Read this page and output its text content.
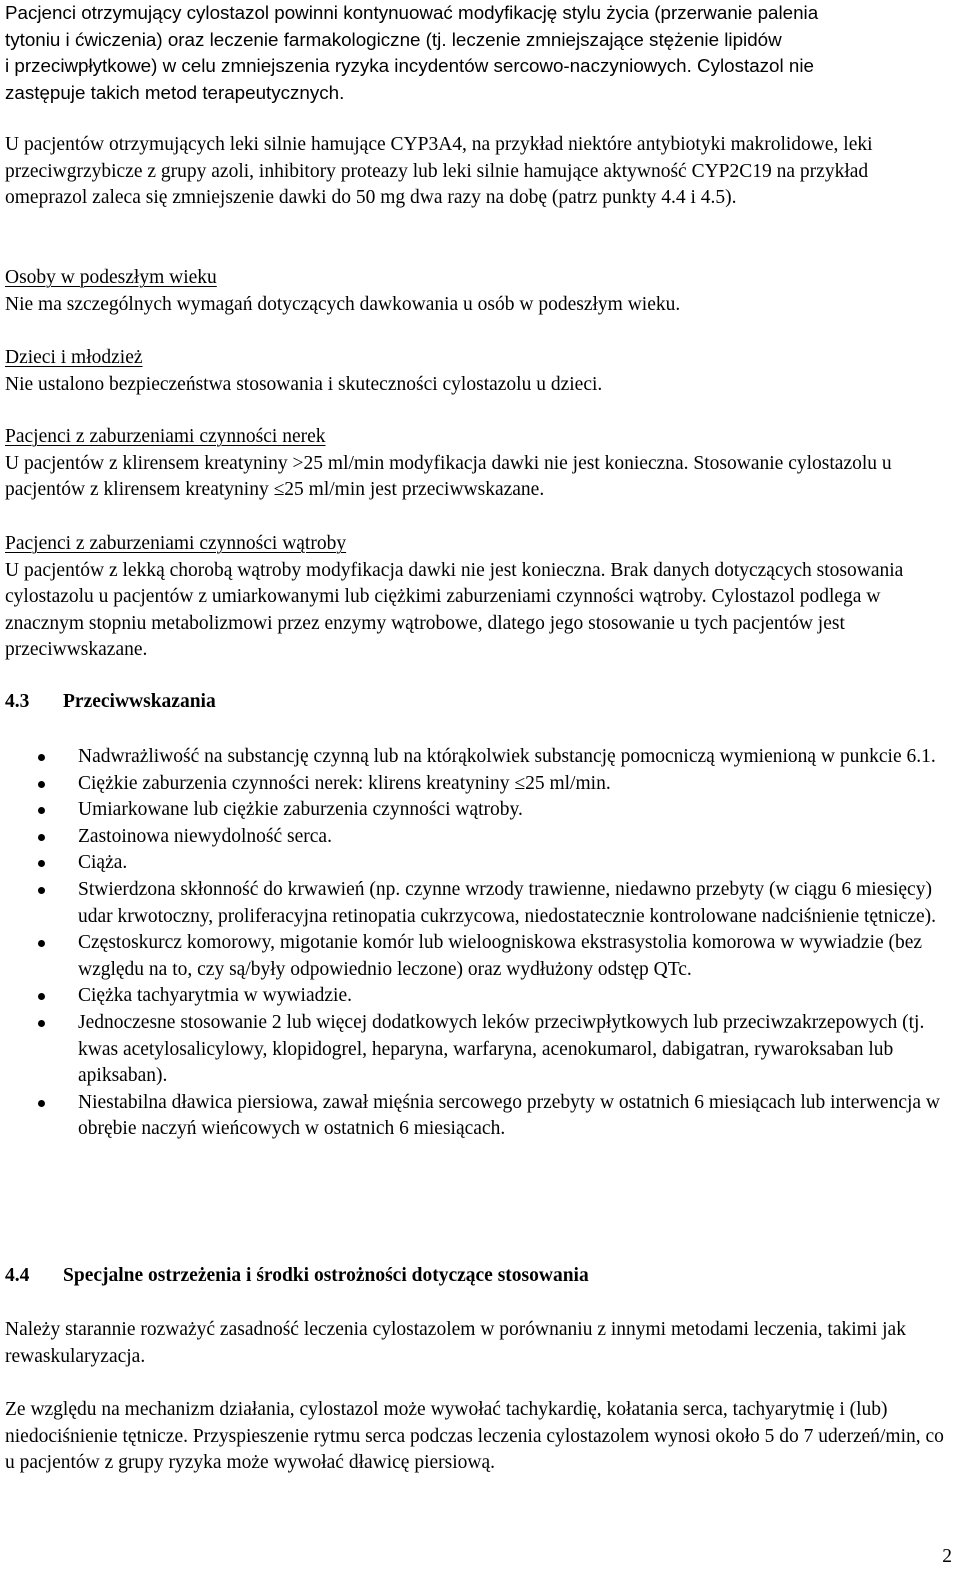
Pacjenci otrzymujący cylostazol powinni kontynuować modyfikację stylu życia (przerwanie palenia

tytoniu i ćwiczenia) oraz leczenie farmakologiczne (tj. leczenie zmniejszające stężenie lipidów

i przeciwpłytkowe) w celu zmniejszenia ryzyka incydentów sercowo-naczyniowych. Cylostazol nie

zastępuje takich metod terapeutycznych.

U pacjentów otrzymujących leki silnie hamujące CYP3A4, na przykład niektóre antybiotyki makrolidowe, leki przeciwgrzybicze z grupy azoli, inhibitory proteazy lub leki silnie hamujące aktywność CYP2C19 na przykład omeprazol zaleca się zmniejszenie dawki do 50 mg dwa razy na dobę (patrz punkty 4.4 i 4.5).

Osoby w podeszłym wieku

Nie ma szczególnych wymagań dotyczących dawkowania u osób w podeszłym wieku.

Dzieci i młodzież

Nie ustalono bezpieczeństwa stosowania i skuteczności cylostazolu u dzieci.

Pacjenci z zaburzeniami czynności nerek

U pacjentów z klirensem kreatyniny >25 ml/min modyfikacja dawki nie jest konieczna. Stosowanie cylostazolu u pacjentów z klirensem kreatyniny ≤25 ml/min jest przeciwwskazane.

Pacjenci z zaburzeniami czynności wątroby

U pacjentów z lekką chorobą wątroby modyfikacja dawki nie jest konieczna. Brak danych dotyczących stosowania cylostazolu u pacjentów z umiarkowanymi lub ciężkimi zaburzeniami czynności wątroby. Cylostazol podlega w znacznym stopniu metabolizmowi przez enzymy wątrobowe, dlatego jego stosowanie u tych pacjentów jest przeciwwskazane.

4.3 Przeciwwskazania
Nadwrażliwość na substancję czynną lub na którąkolwiek substancję pomocniczą wymienioną w punkcie 6.1.
Ciężkie zaburzenia czynności nerek: klirens kreatyniny ≤25 ml/min.
Umiarkowane lub ciężkie zaburzenia czynności wątroby.
Zastoinowa niewydolność serca.
Ciąża.
Stwierdzona skłonność do krwawień (np. czynne wrzody trawienne, niedawno przebyty (w ciągu 6 miesięcy) udar krwotoczny, proliferacyjna retinopatia cukrzycowa, niedostatecznie kontrolowane nadciśnienie tętnicze).
Częstoskurcz komorowy, migotanie komór lub wieloogniskowa ekstrasystolia komorowa w wywiadzie (bez względu na to, czy są/były odpowiednio leczone) oraz wydłużony odstęp QTc.
Ciężka tachyarytmia w wywiadzie.
Jednoczesne stosowanie 2 lub więcej dodatkowych leków przeciwpłytkowych lub przeciwzakrzepowych (tj. kwas acetylosalicylowy, klopidogrel, heparyna, warfaryna, acenokumarol, dabigatran, rywaroksaban lub apiksaban).
Niestabilna dławica piersiowa, zawał mięśnia sercowego przebyty w ostatnich 6 miesiącach lub interwencja w obrębie naczyń wieńcowych w ostatnich 6 miesiącach.
4.4 Specjalne ostrzeżenia i środki ostrożności dotyczące stosowania

Należy starannie rozważyć zasadność leczenia cylostazolem w porównaniu z innymi metodami leczenia, takimi jak rewaskularyzacja.

Ze względu na mechanizm działania, cylostazol może wywołać tachykardię, kołatania serca, tachyarytmię i (lub) niedociśnienie tętnicze. Przyspieszenie rytmu serca podczas leczenia cylostazolem wynosi około 5 do 7 uderzeń/min, co u pacjentów z grupy ryzyka może wywołać dławicę piersiową.

2
